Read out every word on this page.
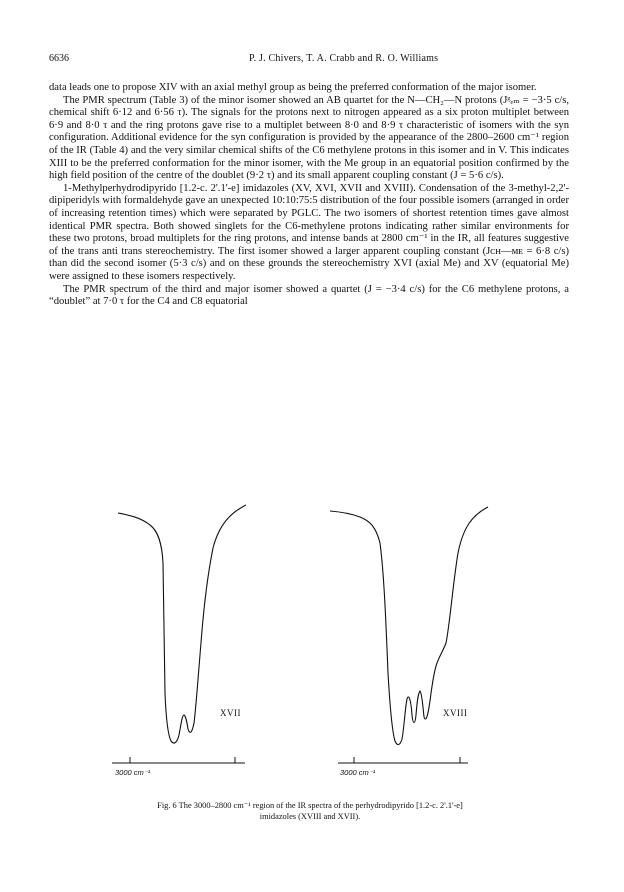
6636	P. J. Chivers, T. A. Crabb and R. O. Williams

data leads one to propose XIV with an axial methyl group as being the preferred conformation of the major isomer.

The PMR spectrum (Table 3) of the minor isomer showed an AB quartet for the N—CH₂—N protons (Jᵍₑₘ = −3·5 c/s, chemical shift 6·12 and 6·56 τ). The signals for the protons next to nitrogen appeared as a six proton multiplet between 6·9 and 8·0 τ and the ring protons gave rise to a multiplet between 8·0 and 8·9 τ characteristic of isomers with the syn configuration. Additional evidence for the syn configuration is provided by the appearance of the 2800–2600 cm⁻¹ region of the IR (Table 4) and the very similar chemical shifts of the C6 methylene protons in this isomer and in V. This indicates XIII to be the preferred conformation for the minor isomer, with the Me group in an equatorial position confirmed by the high field position of the centre of the doublet (9·2 τ) and its small apparent coupling constant (J = 5·6 c/s).

1-Methylperhydrodipyrido [1.2-c. 2'.1'-e] imidazoles (XV, XVI, XVII and XVIII). Condensation of the 3-methyl-2,2'-dipiperidyls with formaldehyde gave an unexpected 10:10:75:5 distribution of the four possible isomers (arranged in order of increasing retention times) which were separated by PGLC. The two isomers of shortest retention times gave almost identical PMR spectra. Both showed singlets for the C6-methylene protons indicating rather similar environments for these two protons, broad multiplets for the ring protons, and intense bands at 2800 cm⁻¹ in the IR, all features suggestive of the trans anti trans stereochemistry. The first isomer showed a larger apparent coupling constant (Jᴄʜ—ᴍᴇ = 6·8 c/s) than did the second isomer (5·3 c/s) and on these grounds the stereochemistry XVI (axial Me) and XV (equatorial Me) were assigned to these isomers respectively.

The PMR spectrum of the third and major isomer showed a quartet (J = −3·4 c/s) for the C6 methylene protons, a “doublet” at 7·0 τ for the C4 and C8 equatorial

XVII
3000 cm⁻¹
XVIII
3000 cm⁻¹
Fig. 6 The 3000–2800 cm⁻¹ region of the IR spectra of the perhydrodipyrido [1.2-c. 2'.1'-e]
imidazoles (XVIII and XVII).
